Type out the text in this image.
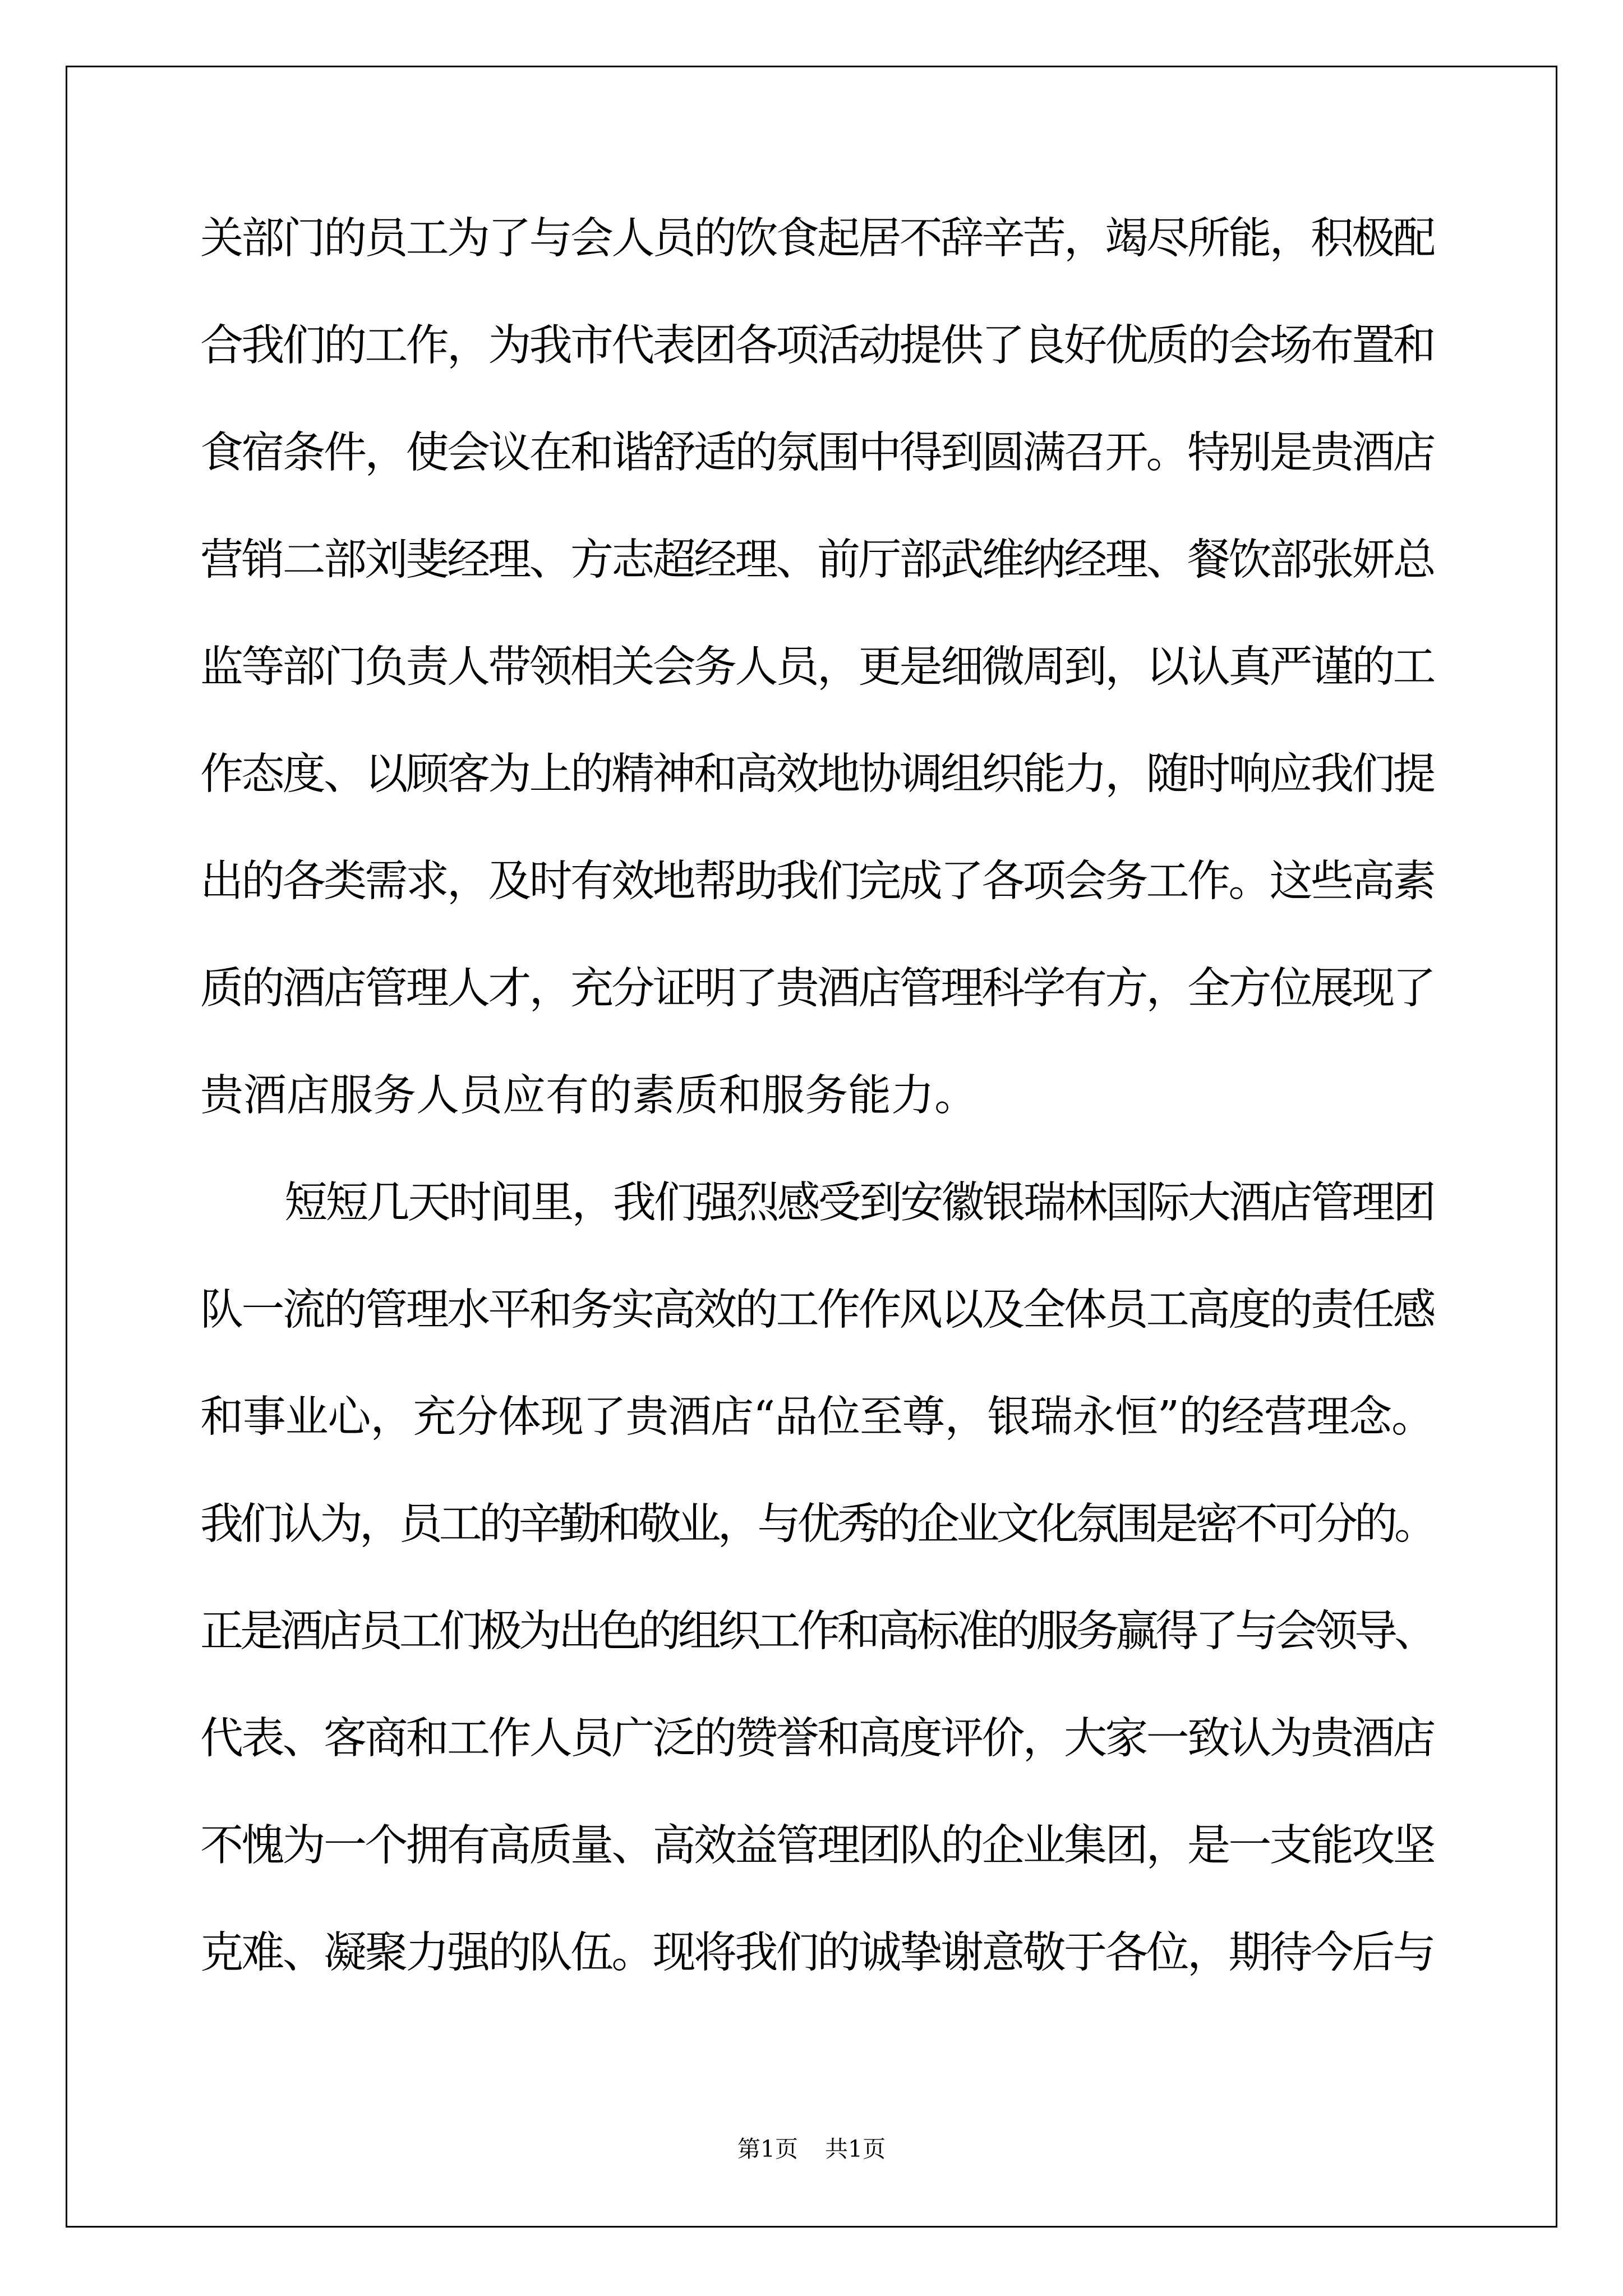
关部门的员工为了与会人员的饮食起居不辞辛苦，竭尽所能，积极配
合我们的工作，为我市代表团各项活动提供了良好优质的会场布置和
食宿条件，使会议在和谐舒适的氛围中得到圆满召开。特别是贵酒店
营销二部刘斐经理、方志超经理、前厅部武维纳经理、餐饮部张妍总
监等部门负责人带领相关会务人员，更是细微周到，以认真严谨的工
作态度、以顾客为上的精神和高效地协调组织能力，随时响应我们提
出的各类需求，及时有效地帮助我们完成了各项会务工作。这些高素
质的酒店管理人才，充分证明了贵酒店管理科学有方，全方位展现了
贵酒店服务人员应有的素质和服务能力。
短短几天时间里，我们强烈感受到安徽银瑞林国际大酒店管理团
队一流的管理水平和务实高效的工作作风以及全体员工高度的责任感
和事业心，充分体现了贵酒店“品位至尊，银瑞永恒”的经营理念。
我们认为，员工的辛勤和敬业，与优秀的企业文化氛围是密不可分的。
正是酒店员工们极为出色的组织工作和高标准的服务赢得了与会领导、
代表、客商和工作人员广泛的赞誉和高度评价，大家一致认为贵酒店
不愧为一个拥有高质量、高效益管理团队的企业集团，是一支能攻坚
克难、凝聚力强的队伍。现将我们的诚挚谢意敬于各位，期待今后与
第1页 共1页
